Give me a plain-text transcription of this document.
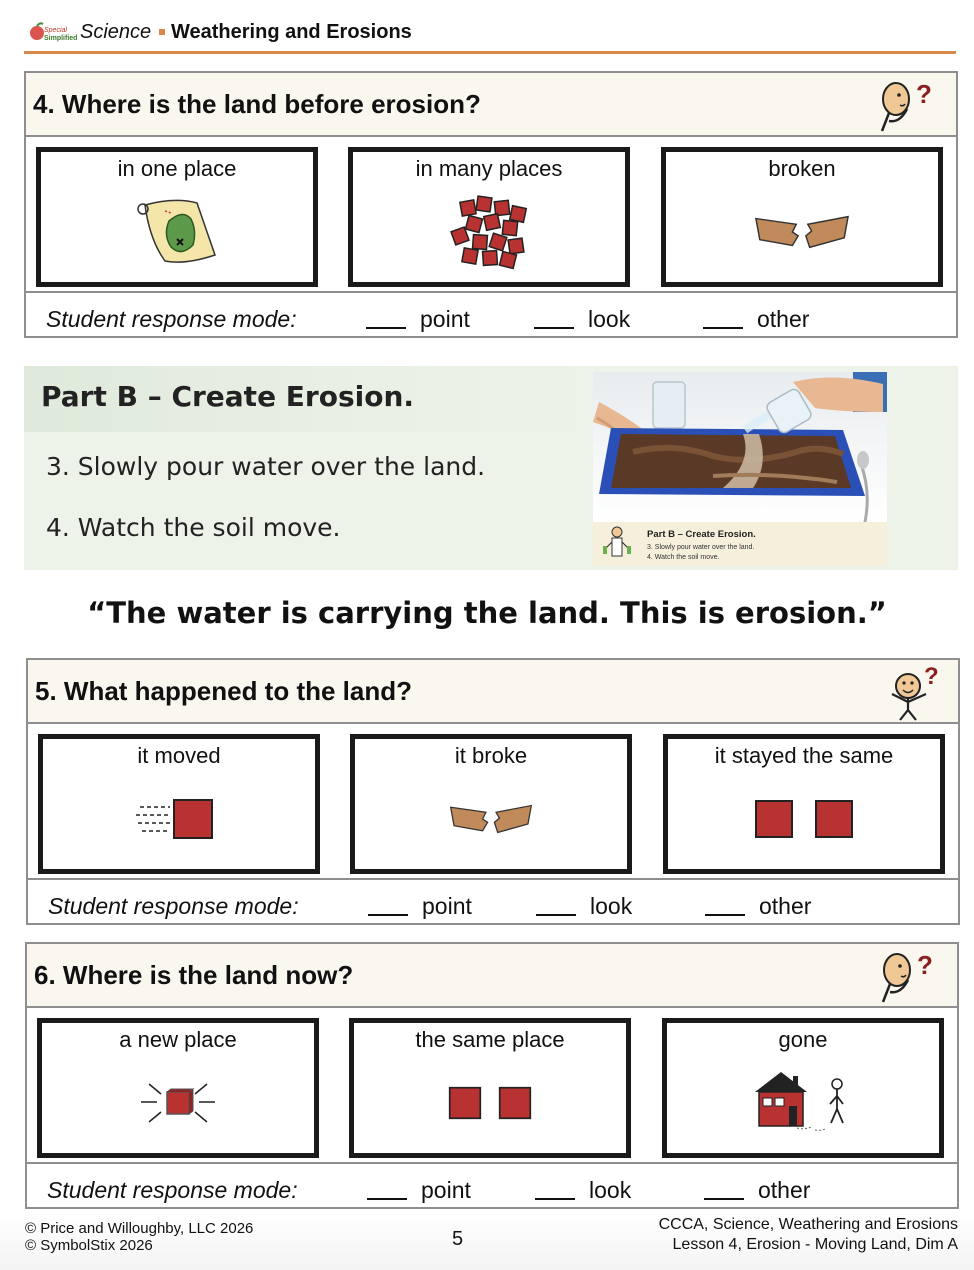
Special
Simplified Science Weathering and Erosions
4. Where is the land before erosion?
in one place	in many places	broken
Student response mode:	point	look	other
Part B – Create Erosion.
3. Slowly pour water over the land.
4. Watch the soil move.	Part B – Create Erosion.
3. Slowly pour water over the land.
4. Watch the soil move.
“The water is carrying the land. This is erosion.”
5. What happened to the land?
it moved	it broke	it stayed the same
Student response mode:	point	look	other
6. Where is the land now?
a new place	the same place	gone
Student response mode:	point	look	other
© Price and Willoughby, LLC 2026
© SymbolStix 2026	5
CCCA, Science, Weathering and Erosions
Lesson 4, Erosion - Moving Land, Dim A
